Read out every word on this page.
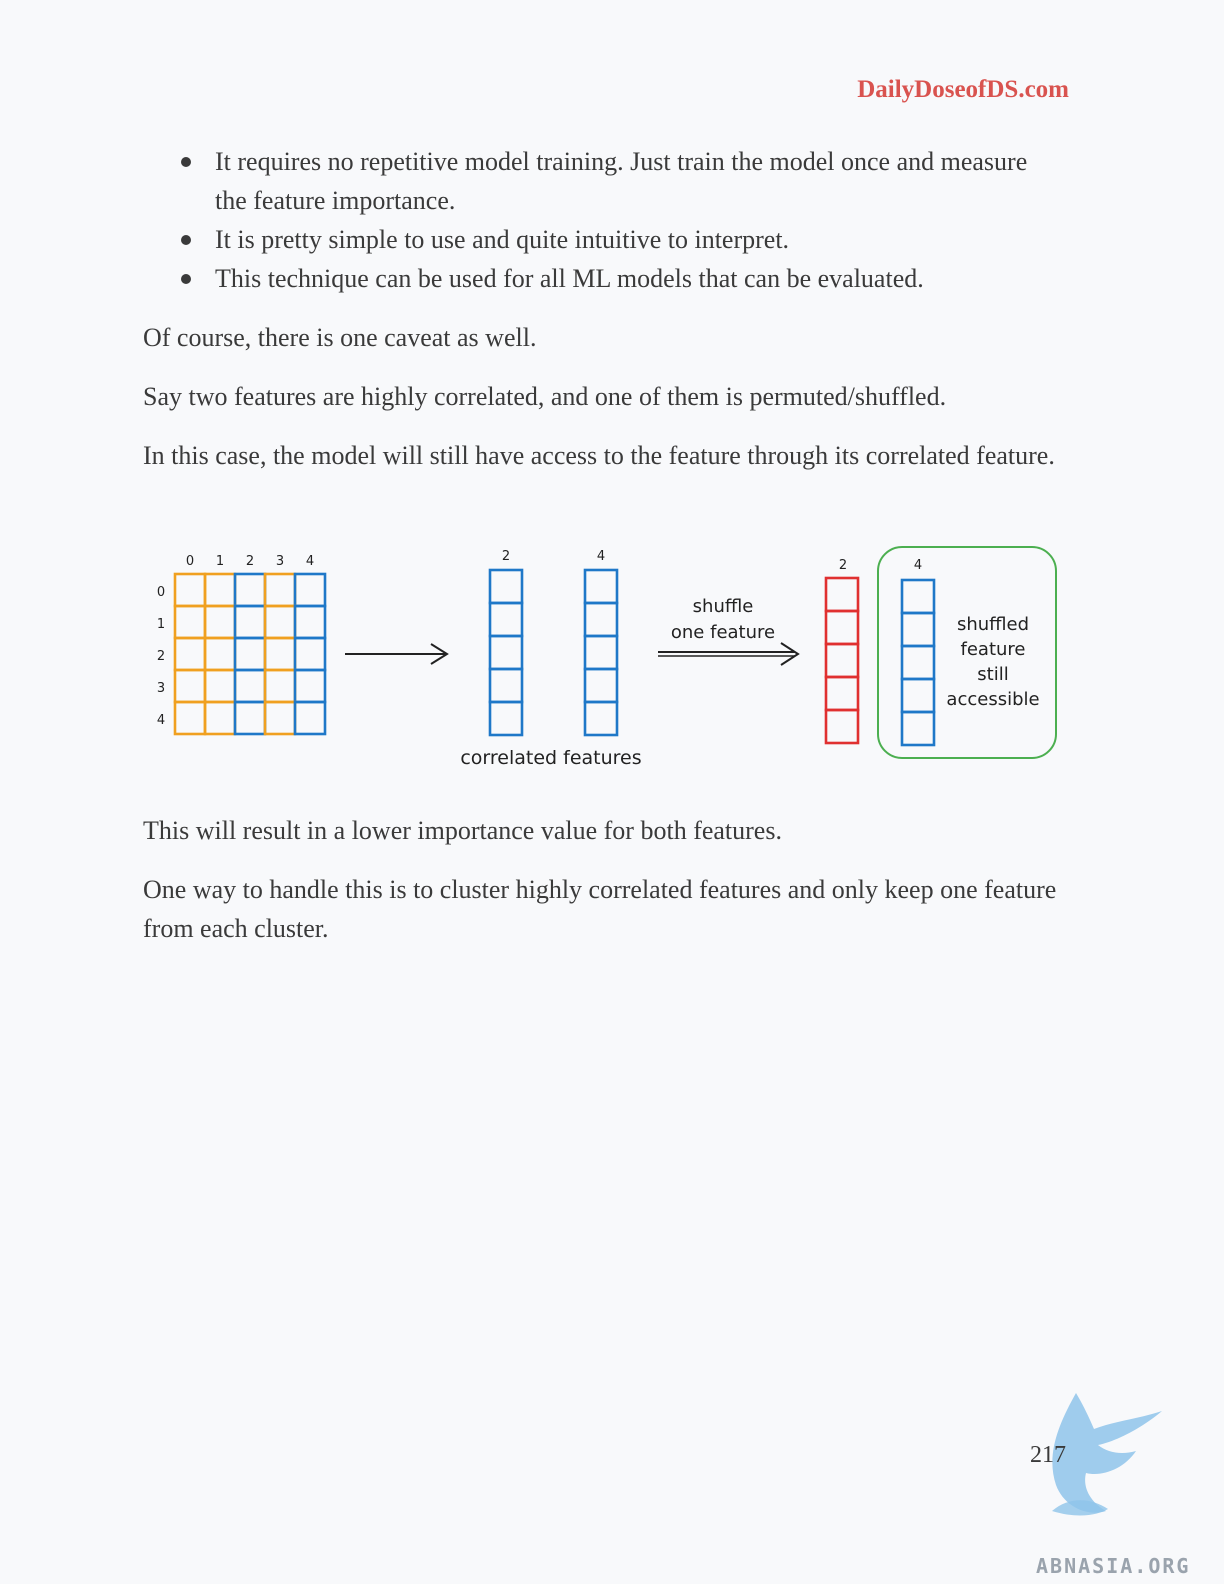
DailyDoseofDS.com
It requires no repetitive model training. Just train the model once and measure the feature importance.
It is pretty simple to use and quite intuitive to interpret.
This technique can be used for all ML models that can be evaluated.

Of course, there is one caveat as well.

Say two features are highly correlated, and one of them is permuted/shuffled.

In this case, the model will still have access to the feature through its correlated feature.

0 1 2 3 4
0
1
2
3
4
2	4
correlated features
shuffle
one feature
2	4
shuffled
feature
still
accessible

This will result in a lower importance value for both features.

One way to handle this is to cluster highly correlated features and only keep one feature from each cluster.

217
ABNASIA.ORG
